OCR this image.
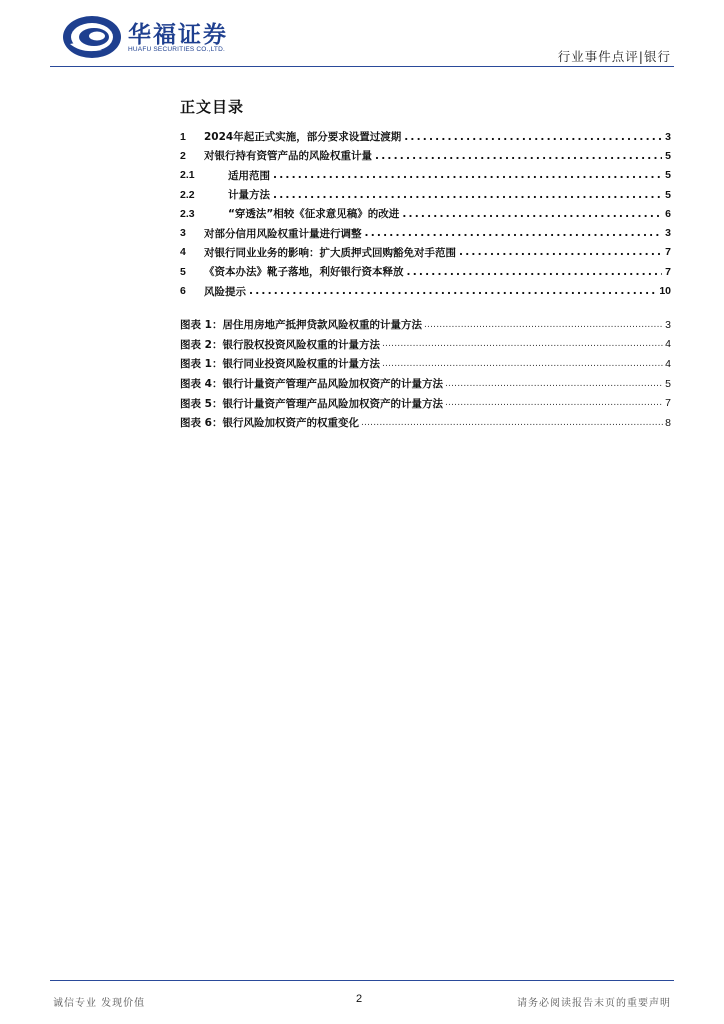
华福证券
HUAFU SECURITIES CO.,LTD.	行业事件点评|银行
正文目录
1	2024年起正式实施，部分要求设置过渡期 .....	3
2	对银行持有资管产品的风险权重计量 .....	5
2.1	适用范围 .....	5
2.2	计量方法 .....	5
2.3	“穿透法”相较《征求意见稿》的改进 .....	6
3	对部分信用风险权重计量进行调整 .....	3
4	对银行同业业务的影响：扩大质押式回购豁免对手范围 .....	7
5	《资本办法》靴子落地，利好银行资本释放 .....	7
6	风险提示 .....	10
图表 1：居住用房地产抵押贷款风险权重的计量方法 .....	3
图表 2：银行股权投资风险权重的计量方法 .....	4
图表 1：银行同业投资风险权重的计量方法 .....	4
图表 4：银行计量资产管理产品风险加权资产的计量方法 .....	5
图表 5：银行计量资产管理产品风险加权资产的计量方法 .....	7
图表 6：银行风险加权资产的权重变化 .....	8
诚信专业 发现价值	2	请务必阅读报告末页的重要声明
